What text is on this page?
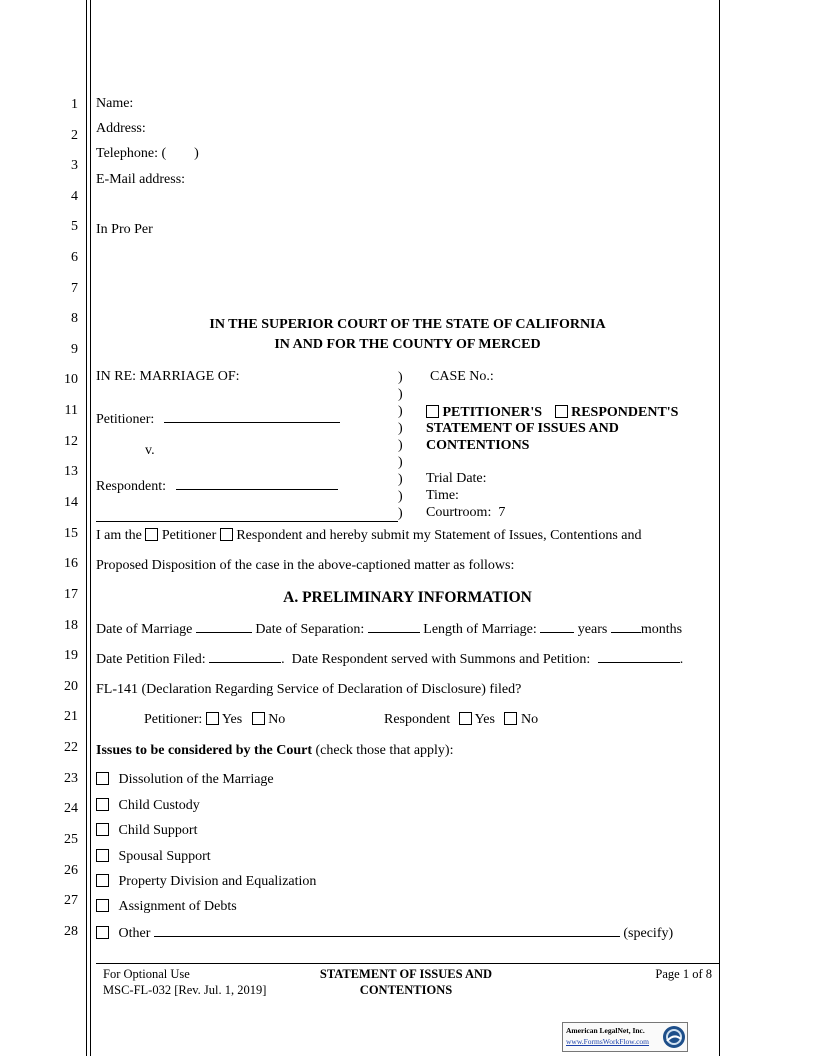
1
2
3
4
5
6
7
8
9
10
11
12
13
14
15
16
17
18
19
20
21
22
23
24
25
26
27
28
Name:
Address:
Telephone: (        )
E-Mail address:
In Pro Per
IN THE SUPERIOR COURT OF THE STATE OF CALIFORNIA
IN AND FOR THE COUNTY OF MERCED
IN RE: MARRIAGE OF:
Petitioner:
v.
Respondent:
)
)
)
)
)
)
)
)
)
CASE No.:
PETITIONER'S RESPONDENT'S
STATEMENT OF ISSUES AND
CONTENTIONS
Trial Date:
Time:
Courtroom:  7
I am the Petitioner Respondent and hereby submit my Statement of Issues, Contentions and
Proposed Disposition of the case in the above-captioned matter as follows:
A. PRELIMINARY INFORMATION
Date of Marriage	Date of Separation:	Length of Marriage:	years months
Date Petition Filed:	.  Date Respondent served with Summons and Petition:	.
FL-141 (Declaration Regarding Service of Declaration of Disclosure) filed?
Petitioner: Yes No	Respondent Yes No
Issues to be considered by the Court (check those that apply):
Dissolution of the Marriage
Child Custody
Child Support
Spousal Support
Property Division and Equalization
Assignment of Debts
Other	(specify)
For Optional Use
MSC-FL-032 [Rev. Jul. 1, 2019]
STATEMENT OF ISSUES AND
CONTENTIONS
Page 1 of 8
American LegalNet, Inc.
www.FormsWorkFlow.com
